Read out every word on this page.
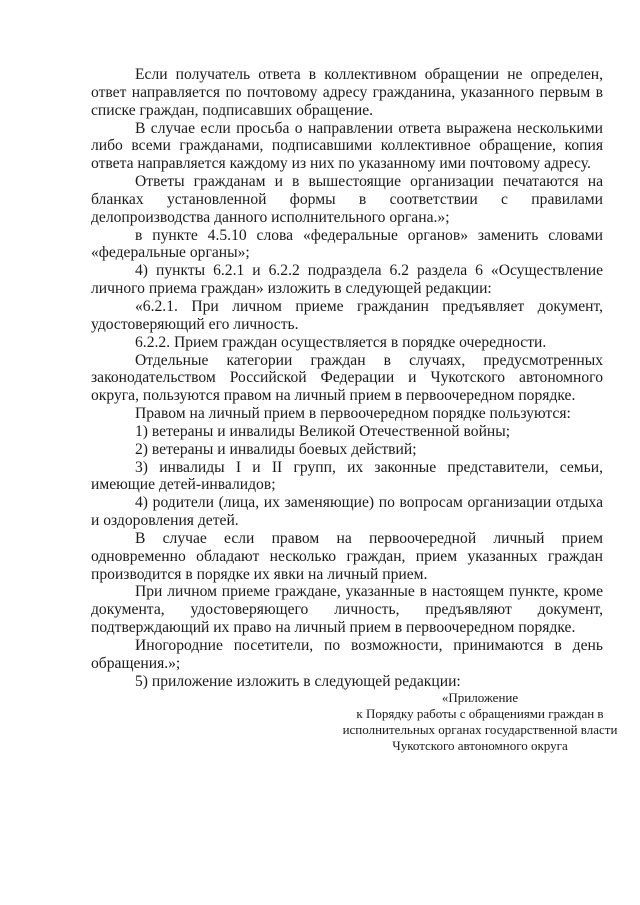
Если получатель ответа в коллективном обращении не определен, ответ направляется по почтовому адресу гражданина, указанного первым в списке граждан, подписавших обращение.

В случае если просьба о направлении ответа выражена несколькими либо всеми гражданами, подписавшими коллективное обращение, копия ответа направляется каждому из них по указанному ими почтовому адресу.

Ответы гражданам и в вышестоящие организации печатаются на бланках установленной формы в соответствии с правилами делопроизводства данного исполнительного органа.»;

в пункте 4.5.10 слова «федеральные органов» заменить словами «федеральные органы»;

4) пункты 6.2.1 и 6.2.2 подраздела 6.2 раздела 6 «Осуществление личного приема граждан» изложить в следующей редакции:

«6.2.1. При личном приеме гражданин предъявляет документ, удостоверяющий его личность.

6.2.2. Прием граждан осуществляется в порядке очередности.

Отдельные категории граждан в случаях, предусмотренных законодательством Российской Федерации и Чукотского автономного округа, пользуются правом на личный прием в первоочередном порядке.

Правом на личный прием в первоочередном порядке пользуются:

1) ветераны и инвалиды Великой Отечественной войны;

2) ветераны и инвалиды боевых действий;

3) инвалиды I и II групп, их законные представители, семьи, имеющие детей-инвалидов;

4) родители (лица, их заменяющие) по вопросам организации отдыха и оздоровления детей.

В случае если правом на первоочередной личный прием одновременно обладают несколько граждан, прием указанных граждан производится в порядке их явки на личный прием.

При личном приеме граждане, указанные в настоящем пункте, кроме документа, удостоверяющего личность, предъявляют документ, подтверждающий их право на личный прием в первоочередном порядке.

Иногородние посетители, по возможности, принимаются в день обращения.»;

5) приложение изложить в следующей редакции:

«Приложение
к Порядку работы с обращениями граждан в
исполнительных органах государственной власти
Чукотского автономного округа
